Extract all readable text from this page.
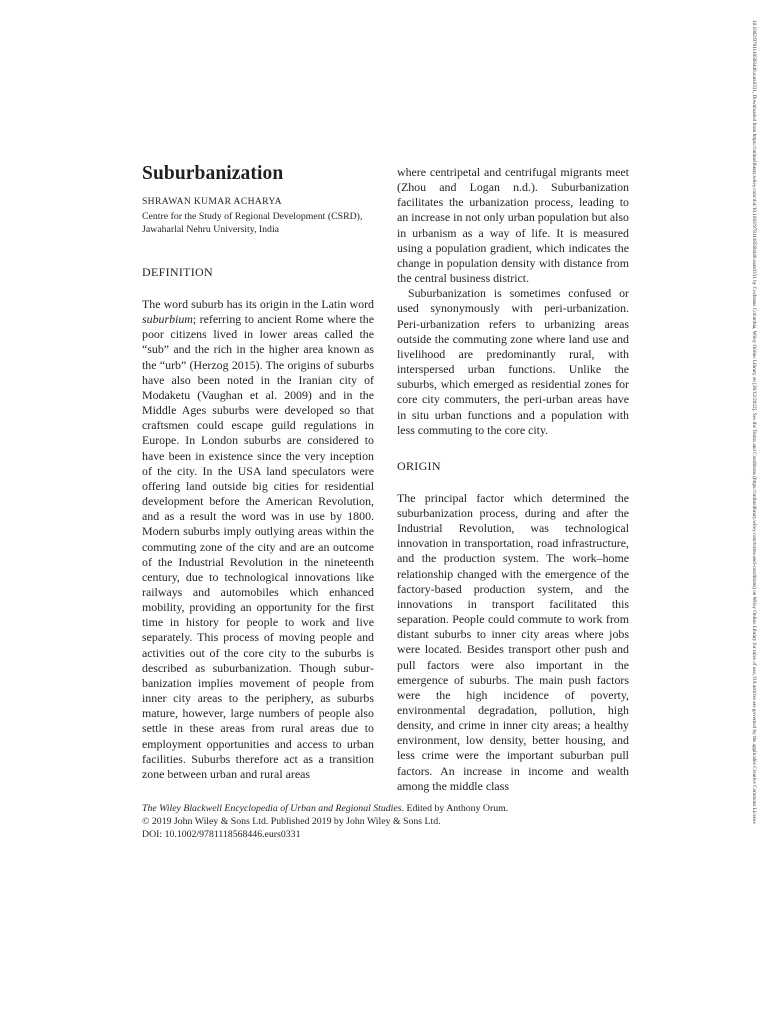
Suburbanization
SHRAWAN KUMAR ACHARYA
Centre for the Study of Regional Development (CSRD),
Jawaharlal Nehru University, India
DEFINITION

The word suburb has its origin in the Latin word suburbium; referring to ancient Rome where the poor citizens lived in lower areas called the “sub” and the rich in the higher area known as the “urb” (Herzog 2015). The origins of suburbs have also been noted in the Iranian city of Modaketu (Vaughan et al. 2009) and in the Middle Ages suburbs were developed so that craftsmen could escape guild regulations in Europe. In London suburbs are considered to have been in existence since the very inception of the city. In the USA land speculators were offering land outside big cities for residential development before the American Revolution, and as a result the word was in use by 1800. Modern suburbs imply outlying areas within the commuting zone of the city and are an outcome of the Industrial Revolution in the nineteenth century, due to technological innovations like railways and automobiles which enhanced mobility, providing an opportunity for the first time in history for people to work and live separately. This process of moving people and activities out of the core city to the suburbs is described as suburbanization. Though suburbanization implies movement of people from inner city areas to the periphery, as suburbs mature, however, large numbers of people also settle in these areas from rural areas due to employment opportunities and access to urban facilities. Suburbs therefore act as a transition zone between urban and rural areas

where centripetal and centrifugal migrants meet (Zhou and Logan n.d.). Suburbanization facilitates the urbanization process, leading to an increase in not only urban population but also in urbanism as a way of life. It is measured using a population gradient, which indicates the change in population density with distance from the central business district.

Suburbanization is sometimes confused or used synonymously with peri-urbanization. Peri-urbanization refers to urbanizing areas outside the commuting zone where land use and livelihood are predominantly rural, with interspersed urban functions. Unlike the suburbs, which emerged as residential zones for core city commuters, the peri-urban areas have in situ urban functions and a population with less commuting to the core city.

ORIGIN

The principal factor which determined the suburbanization process, during and after the Industrial Revolution, was technological innovation in transportation, road infrastructure, and the production system. The work–home relationship changed with the emergence of the factory-based production system, and the innovations in transport facilitated this separation. People could commute to work from distant suburbs to inner city areas where jobs were located. Besides transport other push and pull factors were also important in the emergence of suburbs. The main push factors were the high incidence of poverty, environmental degradation, pollution, high density, and crime in inner city areas; a healthy environment, low density, better housing, and less crime were the important suburban pull factors. An increase in income and wealth among the middle class

The Wiley Blackwell Encyclopedia of Urban and Regional Studies. Edited by Anthony Orum.
© 2019 John Wiley & Sons Ltd. Published 2019 by John Wiley & Sons Ltd.
DOI: 10.1002/9781118568446.eurs0331
10.1002/9781118568446.eurs0331, Downloaded from https://onlinelibrary.wiley.com/doi/10.1002/9781118568446.eurs0331 by Cochrane Colombia, Wiley Online Library on [26/12/2022]. See the Terms and Conditions (https://onlinelibrary.wiley.com/terms-and-conditions) on Wiley Online Library for rules of use; OA articles are governed by the applicable Creative Commons License
